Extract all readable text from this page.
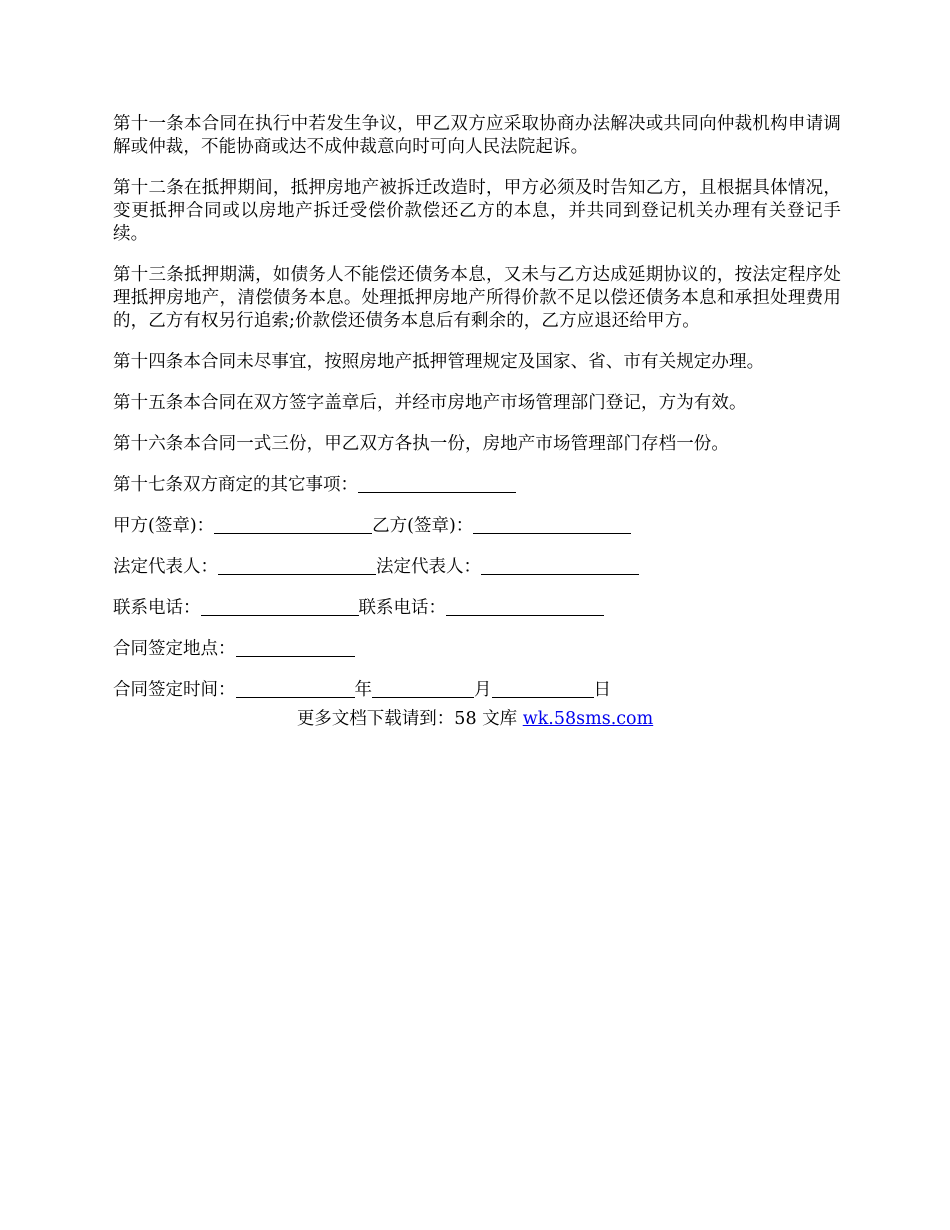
第十一条本合同在执行中若发生争议，甲乙双方应采取协商办法解决或共同向仲裁机构申请调解或仲裁，不能协商或达不成仲裁意向时可向人民法院起诉。

第十二条在抵押期间，抵押房地产被拆迁改造时，甲方必须及时告知乙方，且根据具体情况，变更抵押合同或以房地产拆迁受偿价款偿还乙方的本息，并共同到登记机关办理有关登记手续。

第十三条抵押期满，如债务人不能偿还债务本息，又未与乙方达成延期协议的，按法定程序处理抵押房地产，清偿债务本息。处理抵押房地产所得价款不足以偿还债务本息和承担处理费用的，乙方有权另行追索;价款偿还债务本息后有剩余的，乙方应退还给甲方。

第十四条本合同未尽事宜，按照房地产抵押管理规定及国家、省、市有关规定办理。

第十五条本合同在双方签字盖章后，并经市房地产市场管理部门登记，方为有效。

第十六条本合同一式三份，甲乙双方各执一份，房地产市场管理部门存档一份。

第十七条双方商定的其它事项：
甲方(签章)：	乙方(签章)：
法定代表人：	法定代表人：
联系电话：	联系电话：
合同签定地点：
合同签定时间：	年	月	日
更多文档下载请到：58 文库 wk.58sms.com
